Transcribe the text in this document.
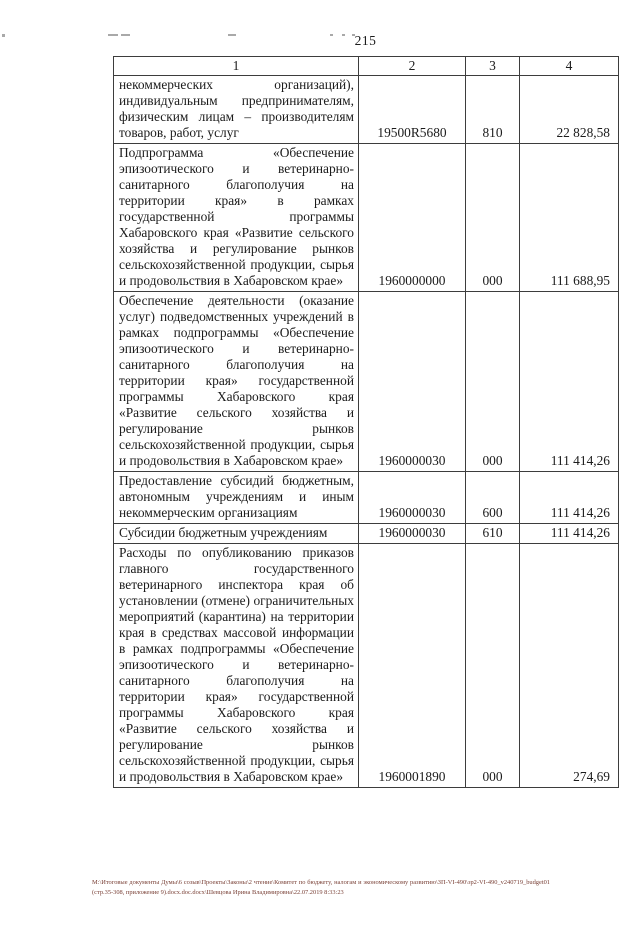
215
1	2	3	4
некоммерческих организаций), индивидуальным предпринимателям, физическим лицам – производителям товаров, работ, услуг	19500R5680	810	22 828,58
Подпрограмма «Обеспечение эпизоотического и ветеринарно-санитарного благополучия на территории края» в рамках государственной программы Хабаровского края «Развитие сельского хозяйства и регулирование рынков сельскохозяйственной продукции, сырья и продовольствия в Хабаровском крае»	1960000000	000	111 688,95
Обеспечение деятельности (оказание услуг) подведомственных учреждений в рамках подпрограммы «Обеспечение эпизоотического и ветеринарно-санитарного благополучия на территории края» государственной программы Хабаровского края «Развитие сельского хозяйства и регулирование рынков сельскохозяйственной продукции, сырья и продовольствия в Хабаровском крае»	1960000030	000	111 414,26
Предоставление субсидий бюджетным, автономным учреждениям и иным некоммерческим организациям	1960000030	600	111 414,26
Субсидии бюджетным учреждениям	1960000030	610	111 414,26
Расходы по опубликованию приказов главного государственного ветеринарного инспектора края об установлении (отмене) ограничительных мероприятий (карантина) на территории края в средствах массовой информации в рамках подпрограммы «Обеспечение эпизоотического и ветеринарно-санитарного благополучия на территории края» государственной программы Хабаровского края «Развитие сельского хозяйства и регулирование рынков сельскохозяйственной продукции, сырья и продовольствия в Хабаровском крае»	1960001890	000	274,69
М:\Итоговые документы Думы\6 созыв\Проекты\Законы\2 чтение\Комитет по бюджету, налогам и экономическому развитию\ЗП-VI-490\зр2-VI-490_v240719_budget01(стр.35-308, приложение 9).docx.doc.docx\Шевцова Ирина Владимировна\22.07.2019 8:33:23
